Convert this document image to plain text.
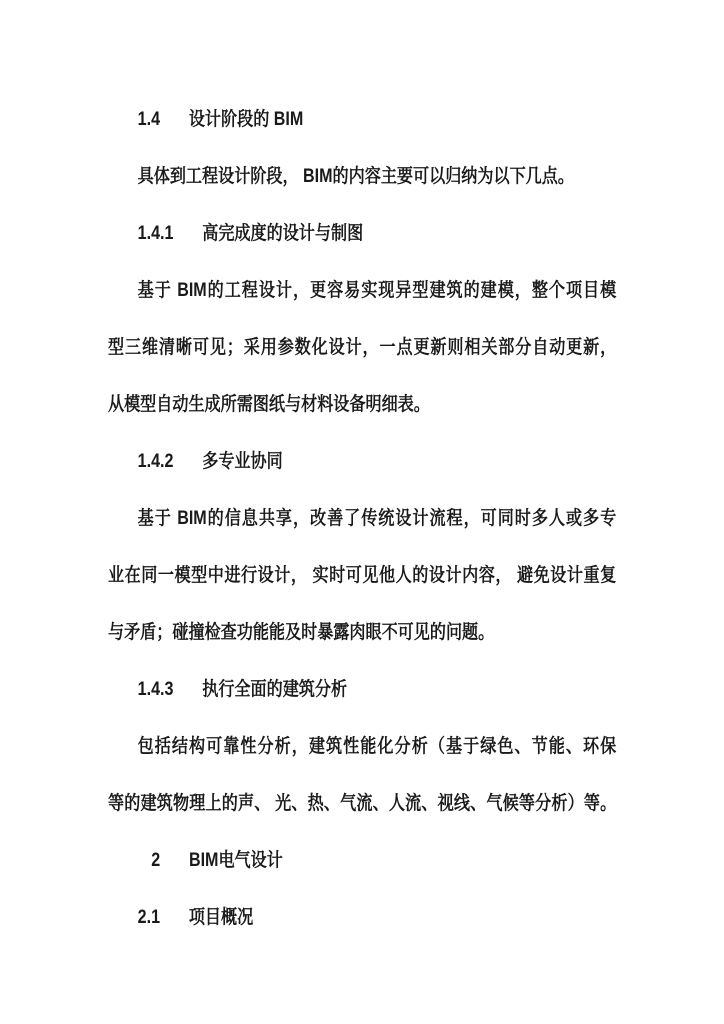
1.4 设计阶段的 BIM
具体到工程设计阶段， BIM的内容主要可以归纳为以下几点。
1.4.1 高完成度的设计与制图
基于 BIM的工程设计，更容易实现异型建筑的建模，整个项目模
型三维清晰可见；采用参数化设计，一点更新则相关部分自动更新，
从模型自动生成所需图纸与材料设备明细表。
1.4.2 多专业协同
基于 BIM的信息共享，改善了传统设计流程，可同时多人或多专
业在同一模型中进行设计， 实时可见他人的设计内容， 避免设计重复
与矛盾；碰撞检查功能能及时暴露肉眼不可见的问题。
1.4.3 执行全面的建筑分析
包括结构可靠性分析，建筑性能化分析（基于绿色、节能、环保
等的建筑物理上的声、 光、热、气流、人流、视线、气候等分析）等。
2 BIM电气设计
2.1 项目概况
